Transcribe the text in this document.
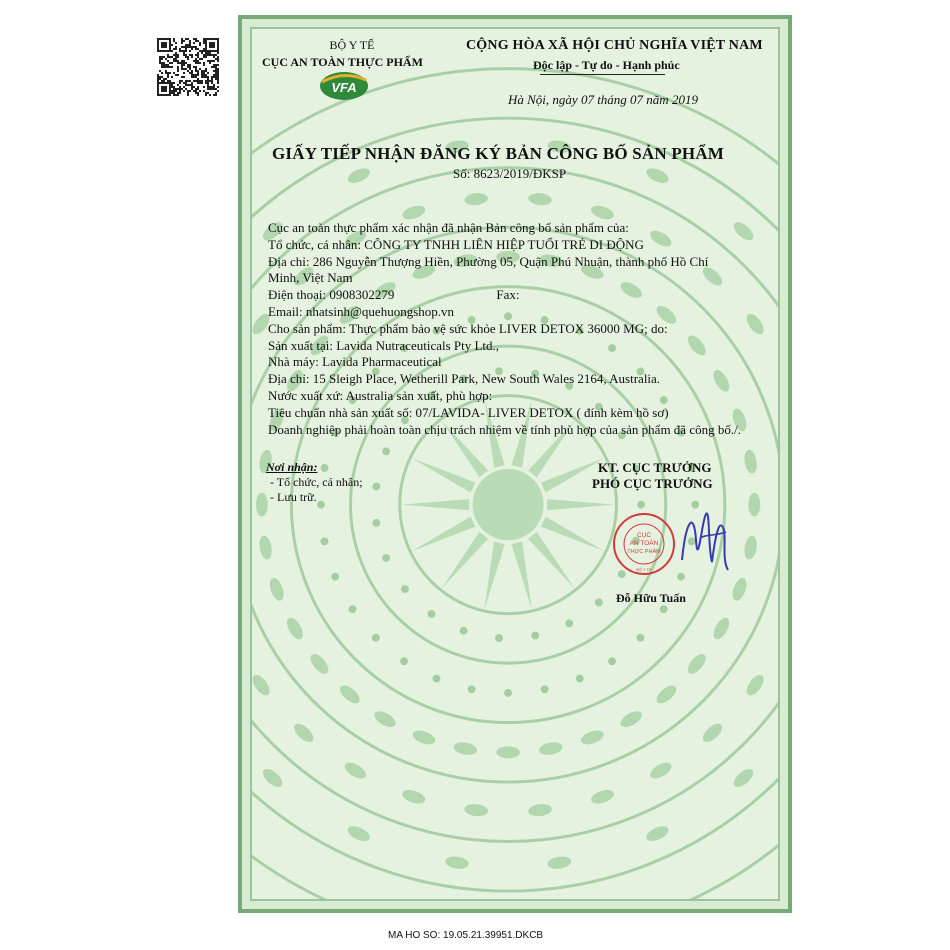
BỘ Y TẾ
CỤC AN TOÀN THỰC PHẨM
VFA
CỘNG HÒA XÃ HỘI CHỦ NGHĨA VIỆT NAM
Độc lập - Tự do - Hạnh phúc
Hà Nội, ngày 07 tháng 07 năm 2019
GIẤY TIẾP NHẬN ĐĂNG KÝ BẢN CÔNG BỐ SẢN PHẨM
Số: 8623/2019/ĐKSP
Cục an toàn thực phẩm xác nhận đã nhận Bản công bố sản phẩm của:
Tổ chức, cá nhân: CÔNG TY TNHH LIÊN HIỆP TUỔI TRẺ DI ĐỘNG
Địa chỉ: 286 Nguyễn Thượng Hiền, Phường 05, Quận Phú Nhuận, thành phố Hồ Chí
Minh, Việt Nam
Điện thoại: 0908302279	Fax:
Email: nhatsinh@quehuongshop.vn
Cho sản phẩm: Thực phẩm bảo vệ sức khỏe LIVER DETOX 36000 MG; do:
Sản xuất tại: Lavida Nutraceuticals Pty Ltd.,
Nhà máy: Lavida Pharmaceutical
Địa chỉ: 15 Sleigh Place, Wetherill Park, New South Wales 2164, Australia.
Nước xuất xứ: Australia sản xuất, phù hợp:
Tiêu chuẩn nhà sản xuất số: 07/LAVIDA- LIVER DETOX ( đính kèm hồ sơ)
Doanh nghiệp phải hoàn toàn chịu trách nhiệm về tính phù hợp của sản phẩm đã công bố./.
Nơi nhận:
- Tổ chức, cá nhân;
- Lưu trữ.
KT. CỤC TRƯỞNG
PHÓ CỤC TRƯỞNG
CỤC
AN TOÀN
THỰC PHẨM
BỘ Y TẾ
Đỗ Hữu Tuấn
MA HO SO: 19.05.21.39951.DKCB
